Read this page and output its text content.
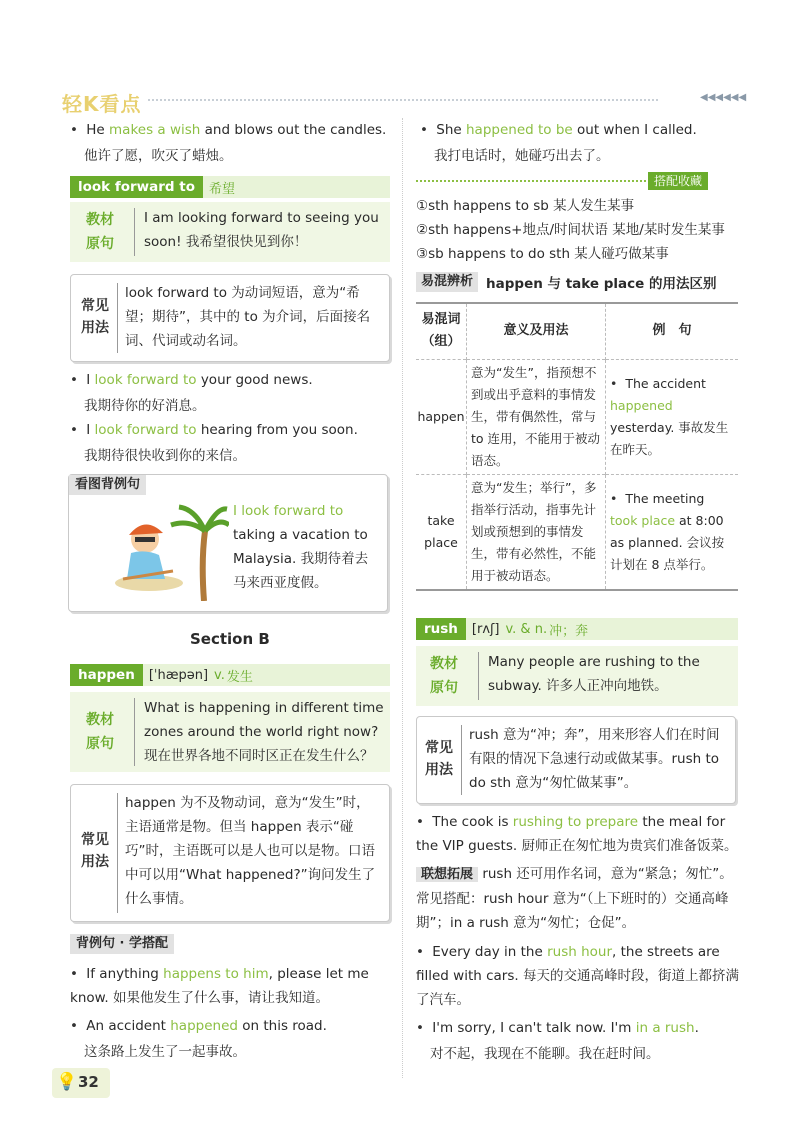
轻K看点	◀◀◀◀◀◀
• He makes a wish and blows out the candles.
他许了愿，吹灭了蜡烛。
look forward to	希望
教材
原句
I am looking forward to seeing you soon! 我希望很快见到你！
常见
用法
look forward to 为动词短语，意为“希望；期待”，其中的 to 为介词，后面接名词、代词或动名词。
• I look forward to your good news.
我期待你的好消息。
• I look forward to hearing from you soon.
我期待很快收到你的来信。
看图背例句
I look forward to taking a vacation to Malaysia. 我期待着去马来西亚度假。
Section B
happen	[ˈhæpən] v. 发生
教材
原句
What is happening in different time zones around the world right now? 现在世界各地不同时区正在发生什么？
常见
用法
happen 为不及物动词，意为“发生”时，主语通常是物。但当 happen 表示“碰巧”时，主语既可以是人也可以是物。口语中可以用“What happened?”询问发生了什么事情。
背例句 · 学搭配
• If anything happens to him, please let me know. 如果他发生了什么事，请让我知道。
• An accident happened on this road.
这条路上发生了一起事故。
💡 32
• She happened to be out when I called.
我打电话时，她碰巧出去了。
搭配收藏
①sth happens to sb 某人发生某事
②sth happens+地点/时间状语 某地/某时发生某事
③sb happens to do sth 某人碰巧做某事
易混辨析 happen 与 take place 的用法区别
易混词（组）	意义及用法	例　句
happen	意为“发生”，指预想不到或出乎意料的事情发生，带有偶然性，常与 to 连用，不能用于被动语态。	• The accident happened yesterday. 事故发生在昨天。
take place	意为“发生；举行”，多指举行活动，指事先计划或预想到的事情发生，带有必然性，不能用于被动语态。	• The meeting took place at 8:00 as planned. 会议按计划在 8 点举行。
rush	[rʌʃ] v. & n. 冲；奔
教材
原句
Many people are rushing to the subway. 许多人正冲向地铁。
常见
用法
rush 意为“冲；奔”，用来形容人们在时间有限的情况下急速行动或做某事。rush to do sth 意为“匆忙做某事”。
• The cook is rushing to prepare the meal for the VIP guests. 厨师正在匆忙地为贵宾们准备饭菜。
联想拓展 rush 还可用作名词，意为“紧急；匆忙”。常见搭配：rush hour 意为“（上下班时的）交通高峰期”；in a rush 意为“匆忙；仓促”。
• Every day in the rush hour, the streets are filled with cars. 每天的交通高峰时段，街道上都挤满了汽车。
• I'm sorry, I can't talk now. I'm in a rush.
对不起，我现在不能聊。我在赶时间。
